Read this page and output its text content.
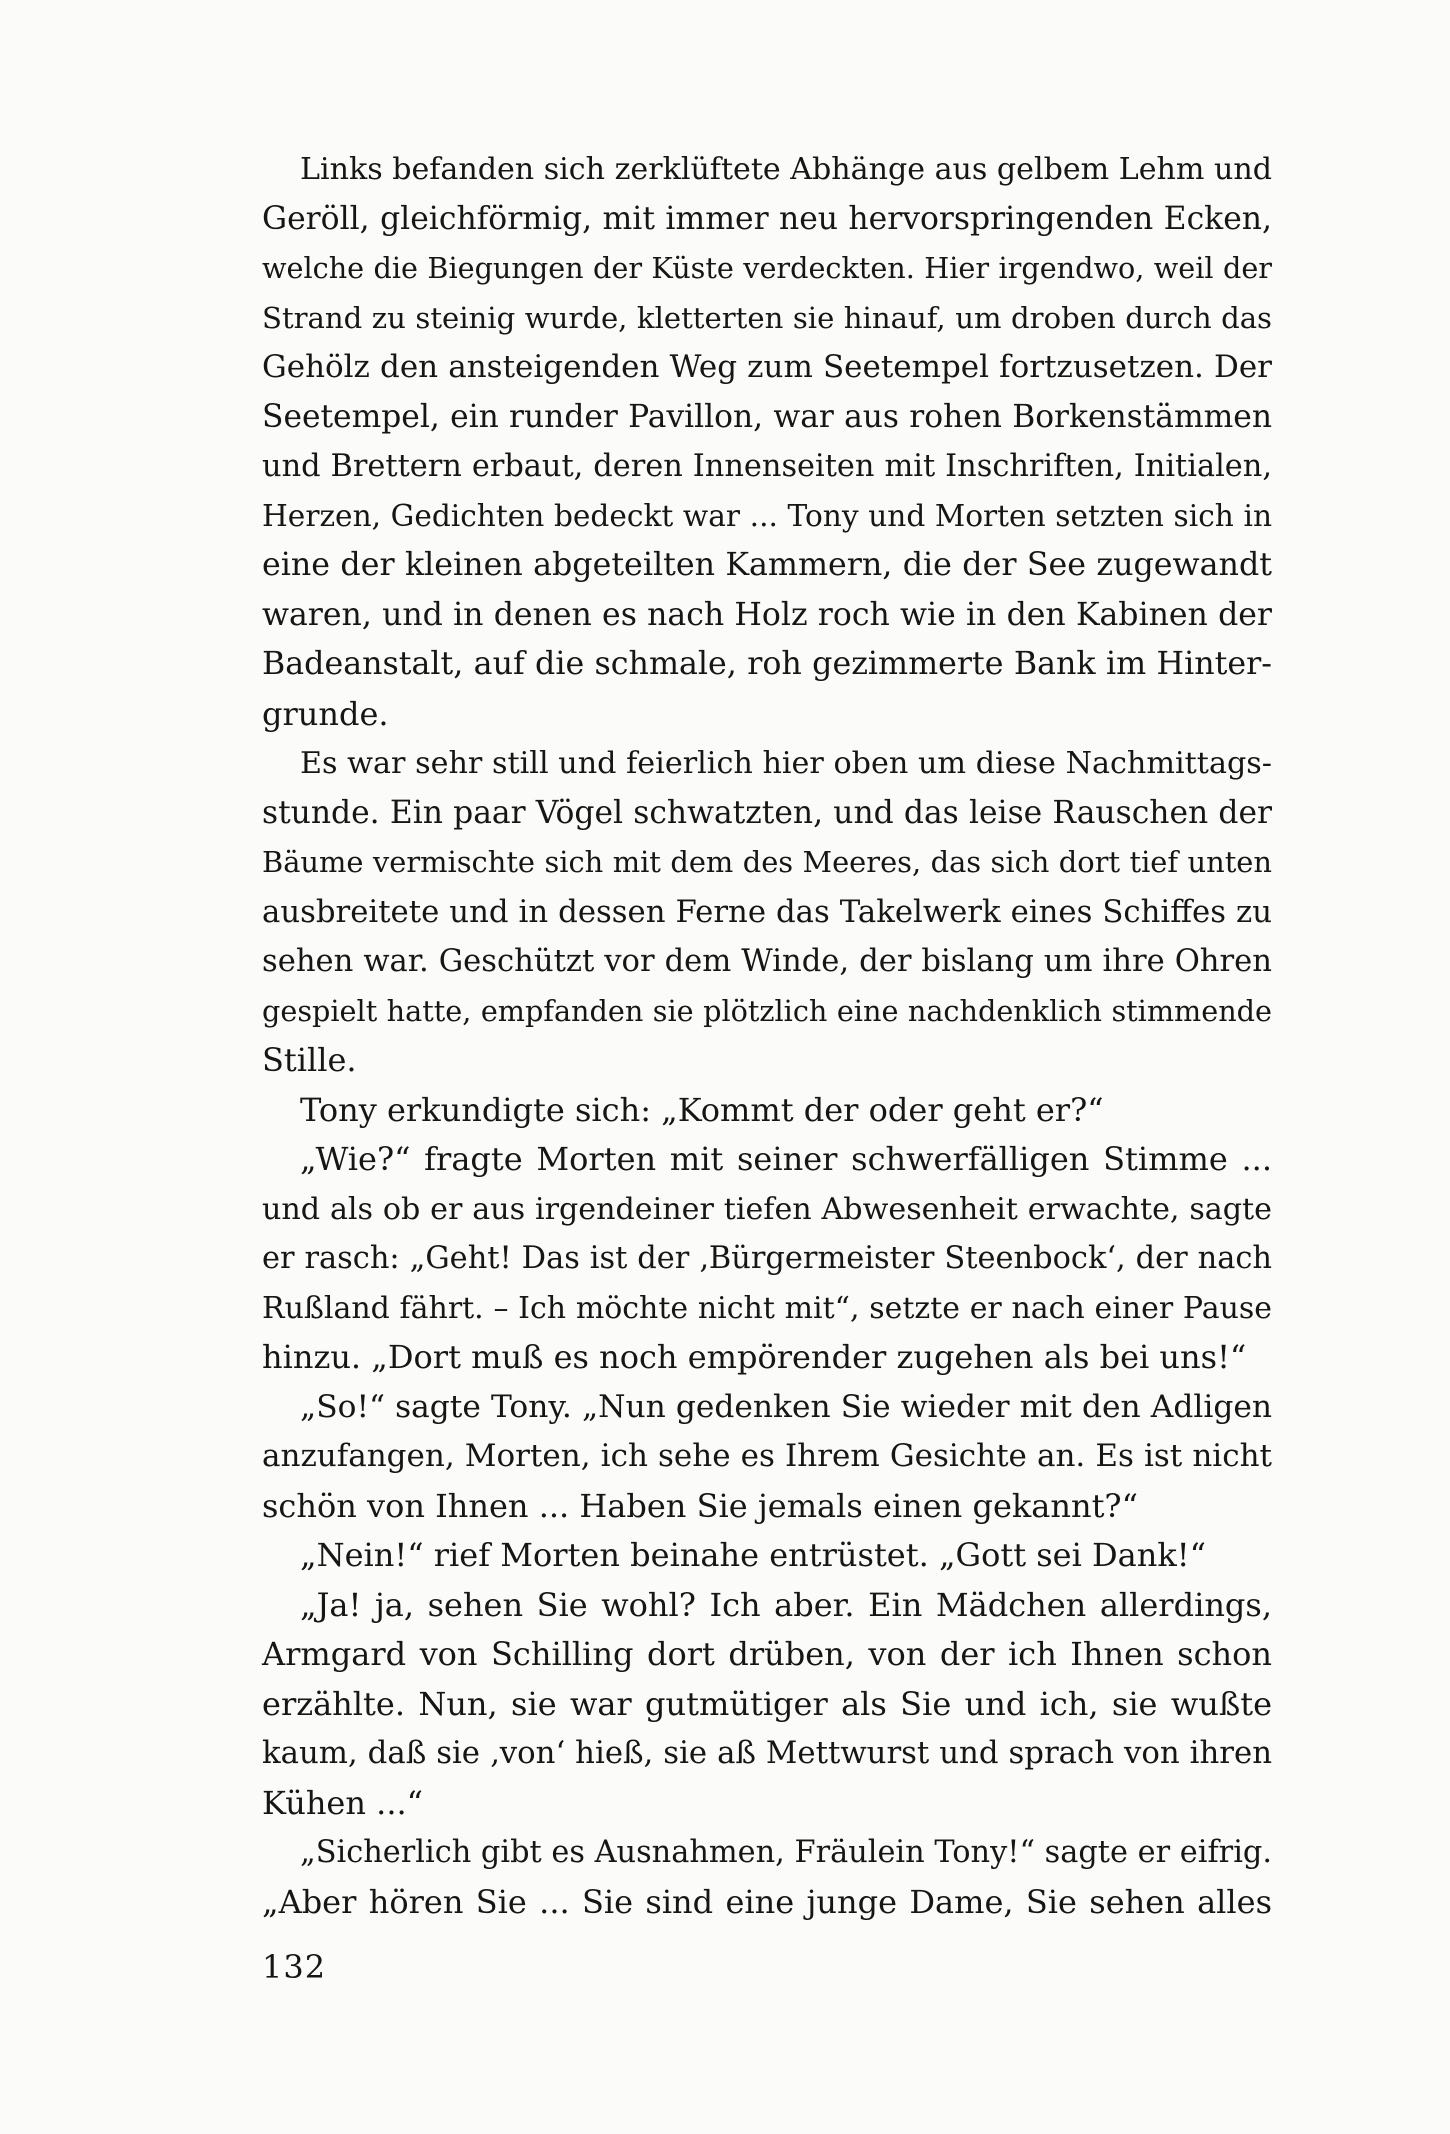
Links befanden sich zerklüftete Abhänge aus gelbem Lehm und
Geröll, gleichförmig, mit immer neu hervorspringenden Ecken,
welche die Biegungen der Küste verdeckten. Hier irgendwo, weil der
Strand zu steinig wurde, kletterten sie hinauf, um droben durch das
Gehölz den ansteigenden Weg zum Seetempel fortzusetzen. Der
Seetempel, ein runder Pavillon, war aus rohen Borkenstämmen
und Brettern erbaut, deren Innenseiten mit Inschriften, Initialen,
Herzen, Gedichten bedeckt war ... Tony und Morten setzten sich in
eine der kleinen abgeteilten Kammern, die der See zugewandt
waren, und in denen es nach Holz roch wie in den Kabinen der
Badeanstalt, auf die schmale, roh gezimmerte Bank im Hinter-
grunde.
Es war sehr still und feierlich hier oben um diese Nachmittags-
stunde. Ein paar Vögel schwatzten, und das leise Rauschen der
Bäume vermischte sich mit dem des Meeres, das sich dort tief unten
ausbreitete und in dessen Ferne das Takelwerk eines Schiffes zu
sehen war. Geschützt vor dem Winde, der bislang um ihre Ohren
gespielt hatte, empfanden sie plötzlich eine nachdenklich stimmende
Stille.
Tony erkundigte sich: „Kommt der oder geht er?“
„Wie?“ fragte Morten mit seiner schwerfälligen Stimme ...
und als ob er aus irgendeiner tiefen Abwesenheit erwachte, sagte
er rasch: „Geht! Das ist der ‚Bürgermeister Steenbock‘, der nach
Rußland fährt. – Ich möchte nicht mit“, setzte er nach einer Pause
hinzu. „Dort muß es noch empörender zugehen als bei uns!“
„So!“ sagte Tony. „Nun gedenken Sie wieder mit den Adligen
anzufangen, Morten, ich sehe es Ihrem Gesichte an. Es ist nicht
schön von Ihnen ... Haben Sie jemals einen gekannt?“
„Nein!“ rief Morten beinahe entrüstet. „Gott sei Dank!“
„Ja! ja, sehen Sie wohl? Ich aber. Ein Mädchen allerdings,
Armgard von Schilling dort drüben, von der ich Ihnen schon
erzählte. Nun, sie war gutmütiger als Sie und ich, sie wußte
kaum, daß sie ‚von‘ hieß, sie aß Mettwurst und sprach von ihren
Kühen ...“
„Sicherlich gibt es Ausnahmen, Fräulein Tony!“ sagte er eifrig.
„Aber hören Sie ... Sie sind eine junge Dame, Sie sehen alles
132
